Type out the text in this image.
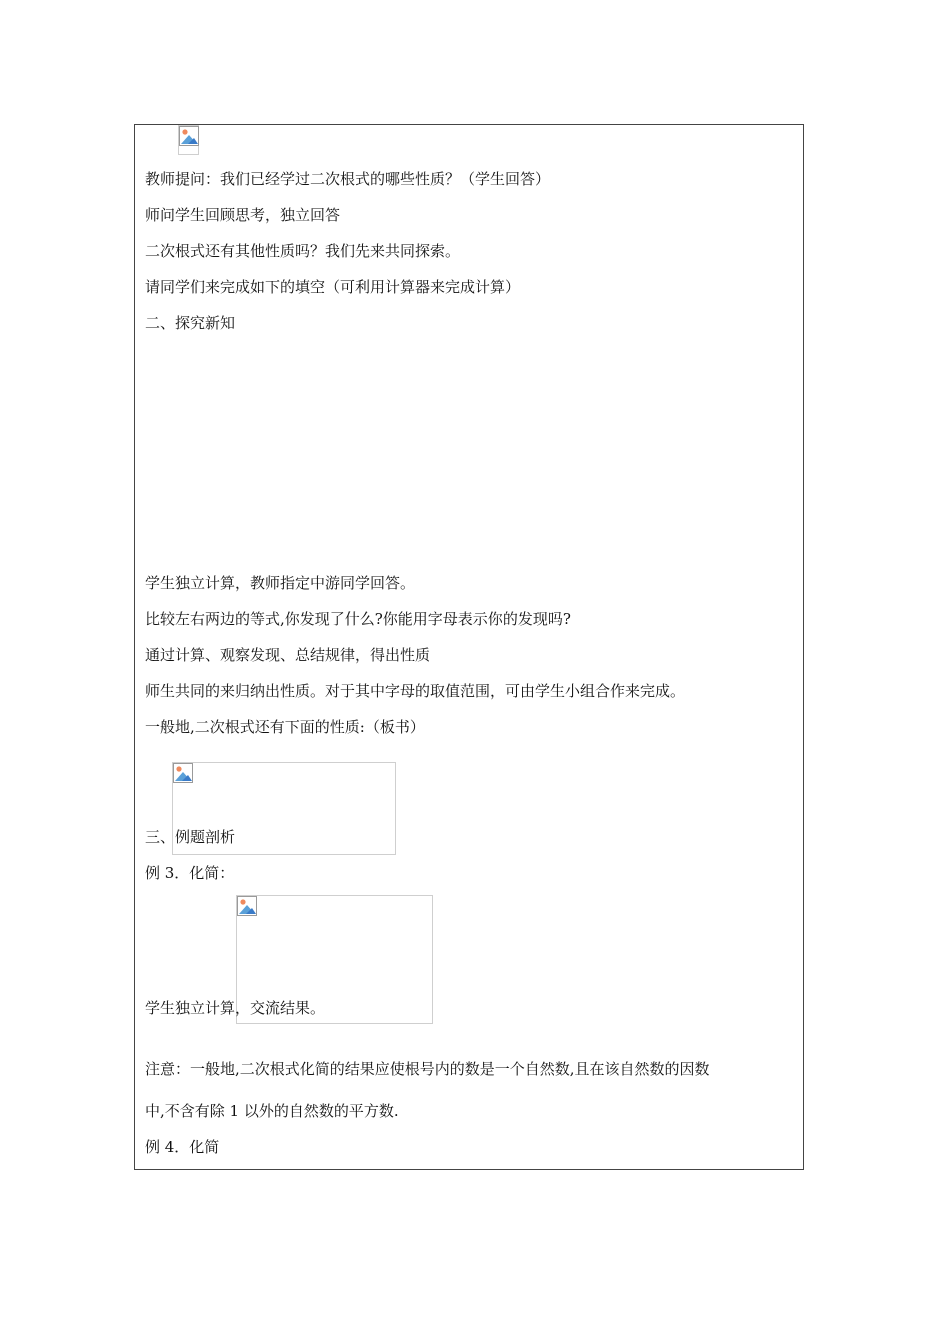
教师提问：我们已经学过二次根式的哪些性质？（学生回答）
师问学生回顾思考，独立回答
二次根式还有其他性质吗？我们先来共同探索。
请同学们来完成如下的填空（可利用计算器来完成计算）
二、探究新知
学生独立计算，教师指定中游同学回答。
比较左右两边的等式,你发现了什么?你能用字母表示你的发现吗?
通过计算、观察发现、总结规律，得出性质
师生共同的来归纳出性质。对于其中字母的取值范围，可由学生小组合作来完成。
一般地,二次根式还有下面的性质:（板书）
三、例题剖析
例 3．化简：
学生独立计算，交流结果。
注意：一般地,二次根式化简的结果应使根号内的数是一个自然数,且在该自然数的因数
中,不含有除 1 以外的自然数的平方数.
例 4．化简
